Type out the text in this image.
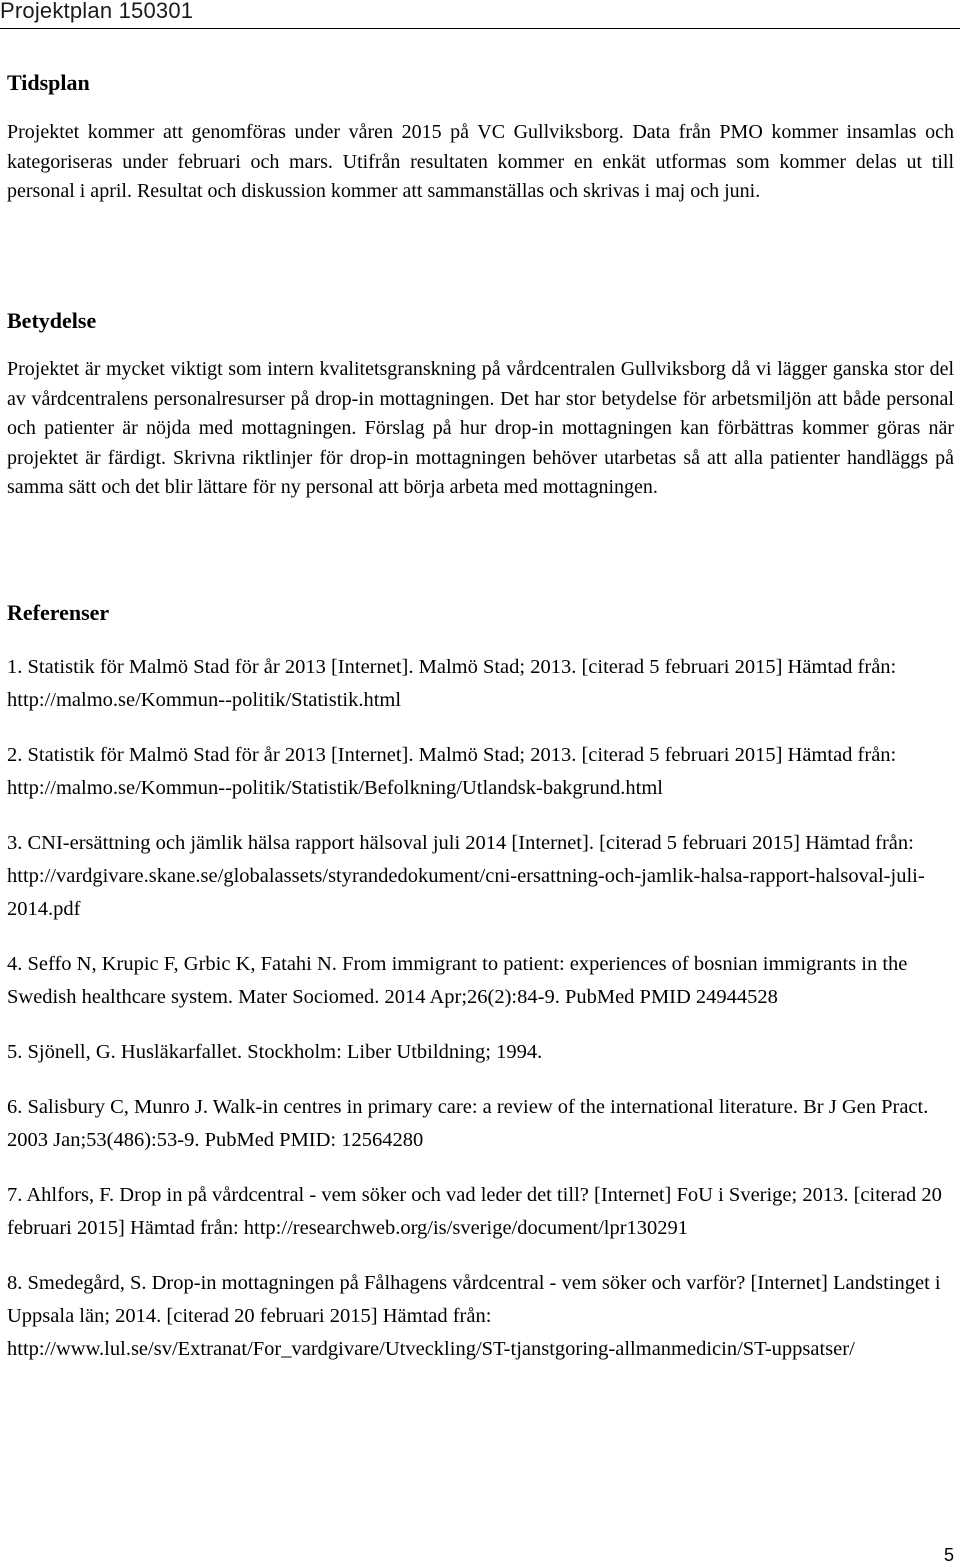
Projektplan 150301
Tidsplan
Projektet kommer att genomföras under våren 2015 på VC Gullviksborg. Data från PMO kommer insamlas och kategoriseras under februari och mars. Utifrån resultaten kommer en enkät utformas som kommer delas ut till personal i april. Resultat och diskussion kommer att sammanställas och skrivas i maj och juni.
Betydelse
Projektet är mycket viktigt som intern kvalitetsgranskning på vårdcentralen Gullviksborg då vi lägger ganska stor del av vårdcentralens personalresurser på drop-in mottagningen. Det har stor betydelse för arbetsmiljön att både personal och patienter är nöjda med mottagningen. Förslag på hur drop-in mottagningen kan förbättras kommer göras när projektet är färdigt. Skrivna riktlinjer för drop-in mottagningen behöver utarbetas så att alla patienter handläggs på samma sätt och det blir lättare för ny personal att börja arbeta med mottagningen.
Referenser
1. Statistik för Malmö Stad för år 2013 [Internet]. Malmö Stad; 2013. [citerad 5 februari 2015] Hämtad från: http://malmo.se/Kommun--politik/Statistik.html
2. Statistik för Malmö Stad för år 2013 [Internet]. Malmö Stad; 2013. [citerad 5 februari 2015] Hämtad från: http://malmo.se/Kommun--politik/Statistik/Befolkning/Utlandsk-bakgrund.html
3. CNI-ersättning och jämlik hälsa rapport hälsoval juli 2014 [Internet]. [citerad 5 februari 2015] Hämtad från: http://vardgivare.skane.se/globalassets/styrandedokument/cni-ersattning-och-jamlik-halsa-rapport-halsoval-juli-2014.pdf
4. Seffo N, Krupic F, Grbic K, Fatahi N. From immigrant to patient: experiences of bosnian immigrants in the Swedish healthcare system. Mater Sociomed. 2014 Apr;26(2):84-9. PubMed PMID 24944528
5. Sjönell, G. Husläkarfallet. Stockholm: Liber Utbildning; 1994.
6. Salisbury C, Munro J. Walk-in centres in primary care: a review of the international literature. Br J Gen Pract. 2003 Jan;53(486):53-9. PubMed PMID: 12564280
7. Ahlfors, F. Drop in på vårdcentral - vem söker och vad leder det till? [Internet] FoU i Sverige; 2013. [citerad 20 februari 2015] Hämtad från: http://researchweb.org/is/sverige/document/lpr130291
8. Smedegård, S. Drop-in mottagningen på Fålhagens vårdcentral - vem söker och varför? [Internet] Landstinget i Uppsala län; 2014. [citerad 20 februari 2015] Hämtad från: http://www.lul.se/sv/Extranat/For_vardgivare/Utveckling/ST-tjanstgoring-allmanmedicin/ST-uppsatser/
5
